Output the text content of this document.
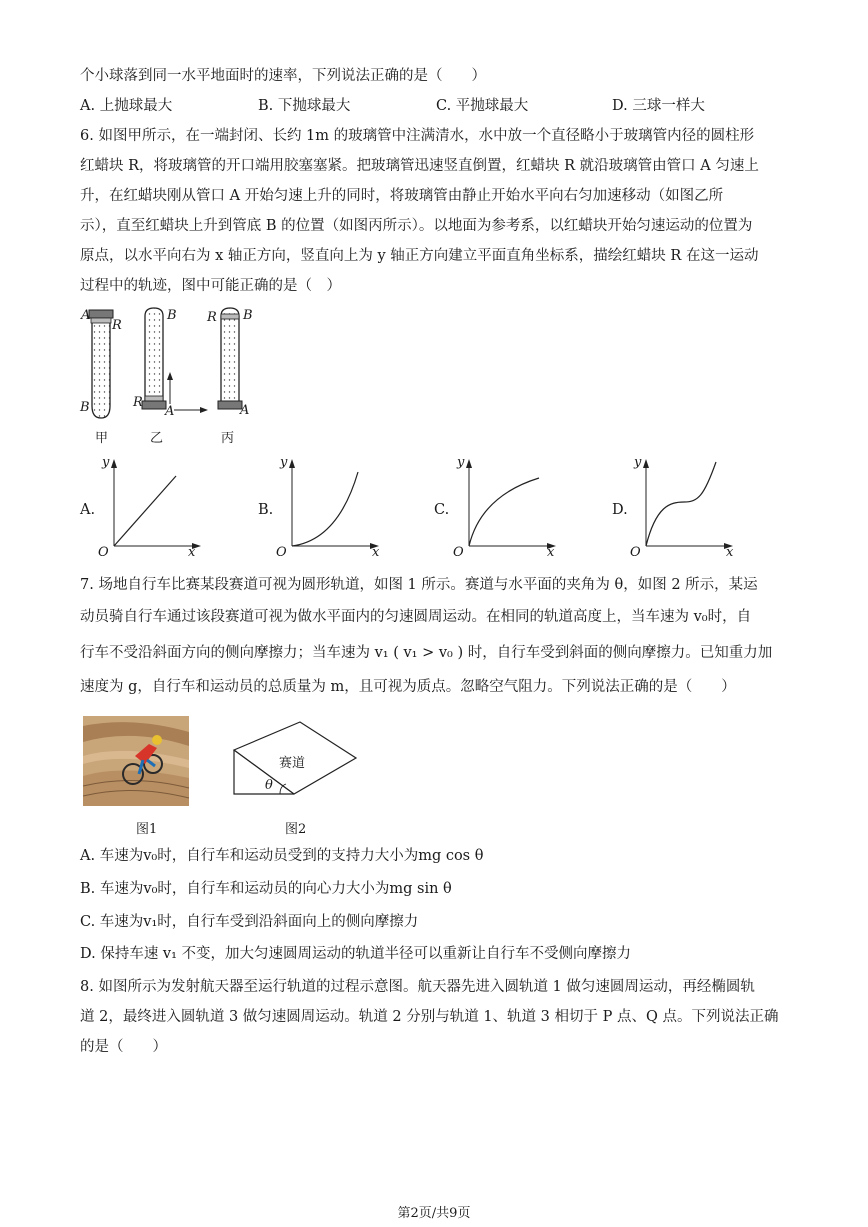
个小球落到同一水平地面时的速率，下列说法正确的是（　　）
A. 上抛球最大	B. 下抛球最大	C. 平抛球最大	D. 三球一样大
6. 如图甲所示，在一端封闭、长约 1m 的玻璃管中注满清水，水中放一个直径略小于玻璃管内径的圆柱形
红蜡块 R，将玻璃管的开口端用胶塞塞紧。把玻璃管迅速竖直倒置，红蜡块 R 就沿玻璃管由管口 A 匀速上
升，在红蜡块刚从管口 A 开始匀速上升的同时，将玻璃管由静止开始水平向右匀加速移动（如图乙所
示），直至红蜡块上升到管底 B 的位置（如图丙所示）。以地面为参考系，以红蜡块开始匀速运动的位置为
原点，以水平向右为 x 轴正方向，竖直向上为 y 轴正方向建立平面直角坐标系，描绘红蜡块 R 在这一运动
过程中的轨迹，图中可能正确的是（　）
A
R
B
B
R
A
R B
A
甲	乙	丙
A.	B.	C.	D.
y
O	x
y
O	x
y
O	x
y
O	x
7. 场地自行车比赛某段赛道可视为圆形轨道，如图 1 所示。赛道与水平面的夹角为 θ，如图 2 所示，某运
动员骑自行车通过该段赛道可视为做水平面内的匀速圆周运动。在相同的轨道高度上，当车速为 v₀时，自
行车不受沿斜面方向的侧向摩擦力；当车速为 v₁ ( v₁ > v₀ ) 时，自行车受到斜面的侧向摩擦力。已知重力加
速度为 g，自行车和运动员的总质量为 m，且可视为质点。忽略空气阻力。下列说法正确的是（　　）
图1
赛道
θ
图2
A. 车速为v₀时，自行车和运动员受到的支持力大小为mg cos θ
B. 车速为v₀时，自行车和运动员的向心力大小为mg sin θ
C. 车速为v₁时，自行车受到沿斜面向上的侧向摩擦力
D. 保持车速 v₁ 不变，加大匀速圆周运动的轨道半径可以重新让自行车不受侧向摩擦力
8. 如图所示为发射航天器至运行轨道的过程示意图。航天器先进入圆轨道 1 做匀速圆周运动，再经椭圆轨
道 2，最终进入圆轨道 3 做匀速圆周运动。轨道 2 分别与轨道 1、轨道 3 相切于 P 点、Q 点。下列说法正确
的是（　　）
第2页/共9页
